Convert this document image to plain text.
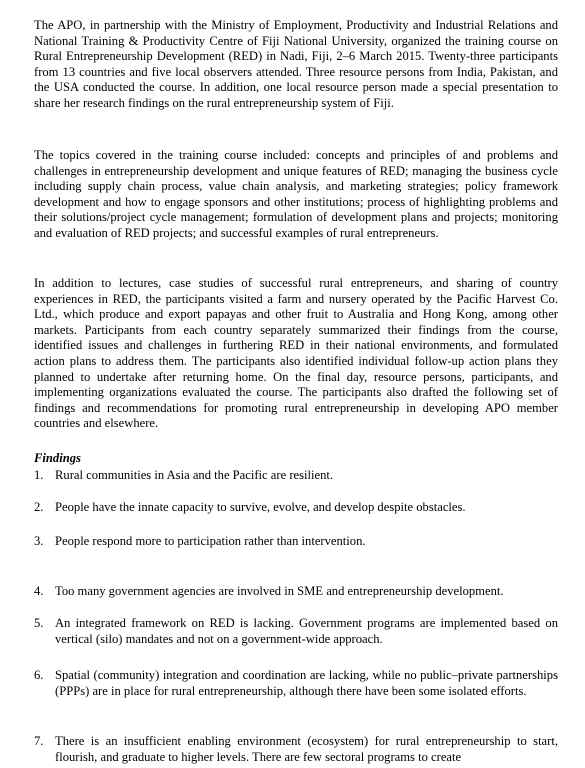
The APO, in partnership with the Ministry of Employment, Productivity and Industrial Relations and National Training & Productivity Centre of Fiji National University, organized the training course on Rural Entrepreneurship Development (RED) in Nadi, Fiji, 2–6 March 2015. Twenty-three participants from 13 countries and five local observers attended. Three resource persons from India, Pakistan, and the USA conducted the course. In addition, one local resource person made a special presentation to share her research findings on the rural entrepreneurship system of Fiji.

The topics covered in the training course included: concepts and principles of and problems and challenges in entrepreneurship development and unique features of RED; managing the business cycle including supply chain process, value chain analysis, and marketing strategies; policy framework development and how to engage sponsors and other institutions; process of highlighting problems and their solutions/project cycle management; formulation of development plans and projects; monitoring and evaluation of RED projects; and successful examples of rural entrepreneurs.

In addition to lectures, case studies of successful rural entrepreneurs, and sharing of country experiences in RED, the participants visited a farm and nursery operated by the Pacific Harvest Co. Ltd., which produce and export papayas and other fruit to Australia and Hong Kong, among other markets. Participants from each country separately summarized their findings from the course, identified issues and challenges in furthering RED in their national environments, and formulated action plans to address them. The participants also identified individual follow-up action plans they planned to undertake after returning home. On the final day, resource persons, participants, and implementing organizations evaluated the course. The participants also drafted the following set of findings and recommendations for promoting rural entrepreneurship in developing APO member countries and elsewhere.

Findings

1. Rural communities in Asia and the Pacific are resilient.
2. People have the innate capacity to survive, evolve, and develop despite obstacles.
3. People respond more to participation rather than intervention.
4. Too many government agencies are involved in SME and entrepreneurship development.
5. An integrated framework on RED is lacking. Government programs are implemented based on vertical (silo) mandates and not on a government-wide approach.
6. Spatial (community) integration and coordination are lacking, while no public–private partnerships (PPPs) are in place for rural entrepreneurship, although there have been some isolated efforts.
7. There is an insufficient enabling environment (ecosystem) for rural entrepreneurship to start, flourish, and graduate to higher levels. There are few sectoral programs to create
